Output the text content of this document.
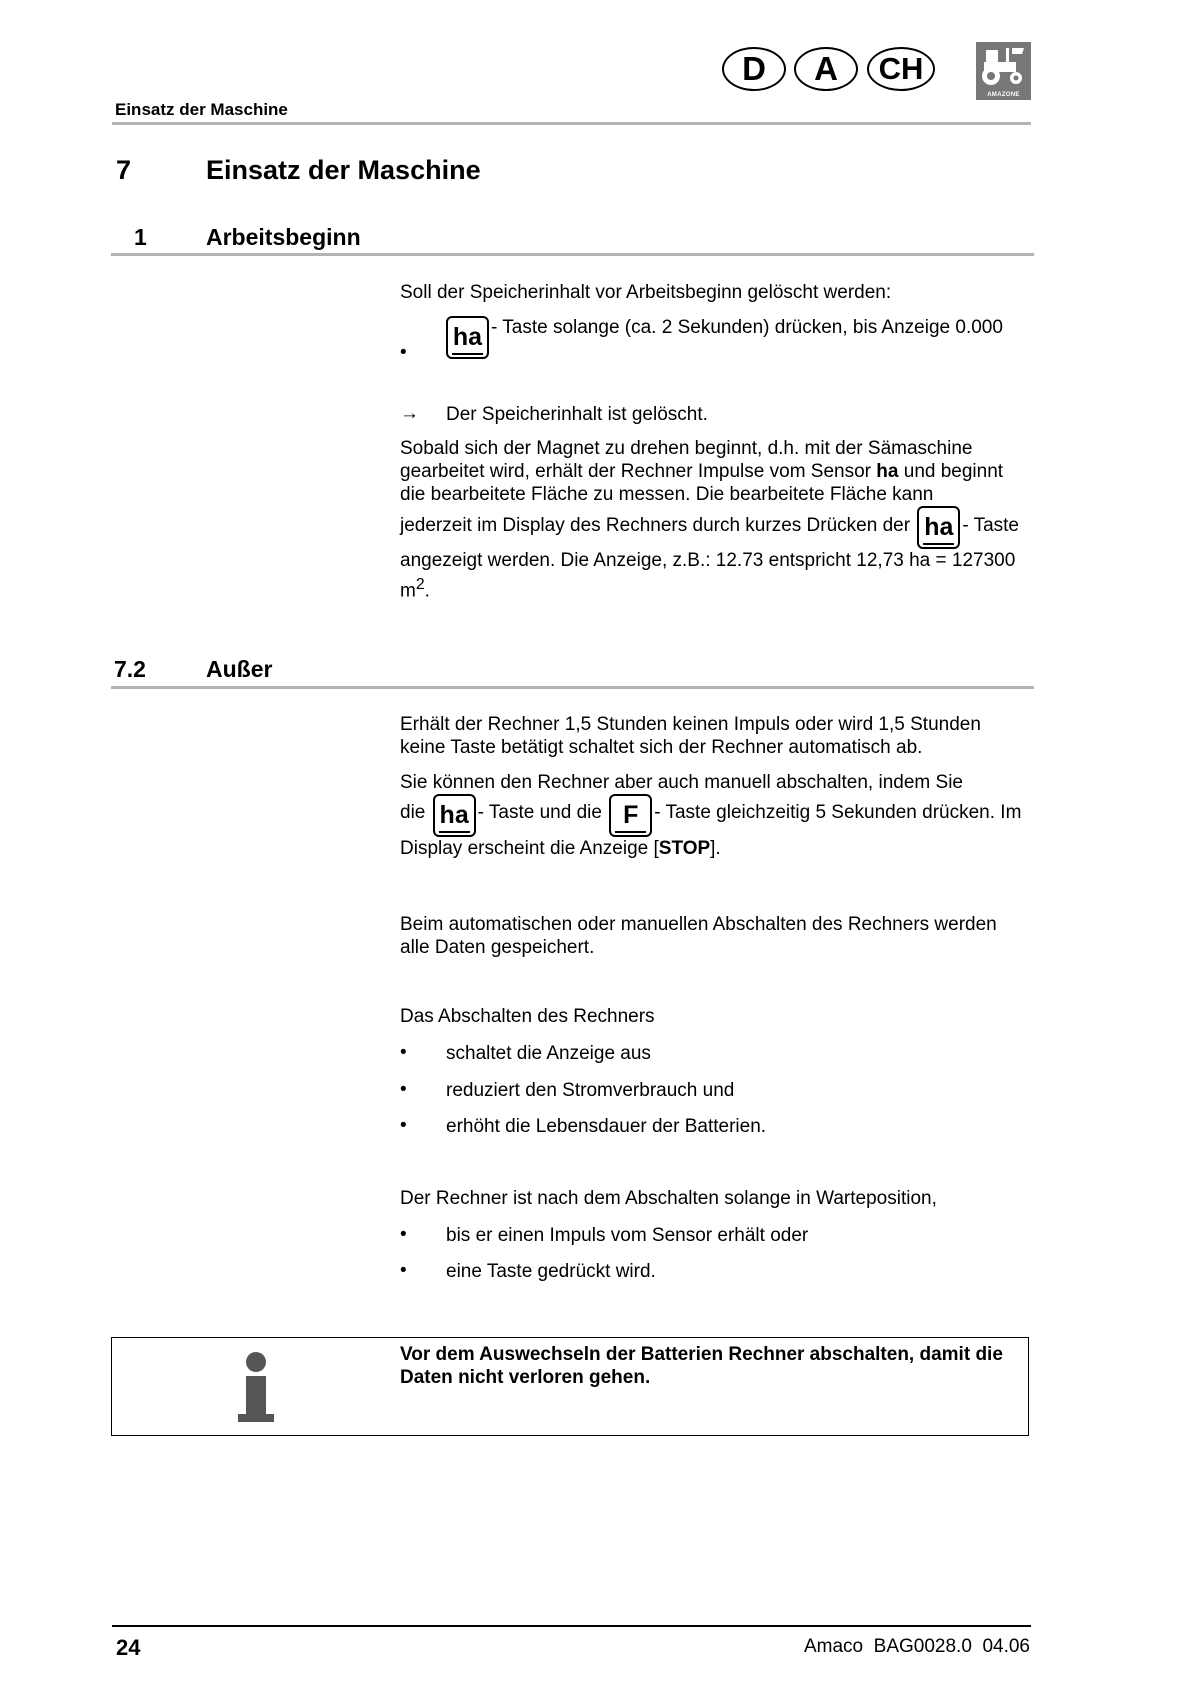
Einsatz der Maschine
D	A	CH
AMAZONE
7	Einsatz der Maschine
1	Arbeitsbeginn
Soll der Speicherinhalt vor Arbeitsbeginn gelöscht werden:
•
ha - Taste solange (ca. 2 Sekunden) drücken, bis Anzeige 0.000
→ Der Speicherinhalt ist gelöscht.
Sobald sich der Magnet zu drehen beginnt, d.h. mit der Sämaschine gearbeitet wird, erhält der Rechner Impulse vom Sensor ha und beginnt die bearbeitete Fläche zu messen. Die bearbeitete Fläche kann
jederzeit im Display des Rechners durch kurzes Drücken der ha - Taste angezeigt werden. Die Anzeige, z.B.: 12.73 entspricht 12,73 ha = 127300 $m^2$.
7.2	Außer
Erhält der Rechner 1,5 Stunden keinen Impuls oder wird 1,5 Stunden keine Taste betätigt schaltet sich der Rechner automatisch ab.
Sie können den Rechner aber auch manuell abschalten, indem Sie
die ha - Taste und die F - Taste gleichzeitig 5 Sekunden drücken. Im Display erscheint die Anzeige [STOP].
Beim automatischen oder manuellen Abschalten des Rechners werden alle Daten gespeichert.
Das Abschalten des Rechners
• schaltet die Anzeige aus
• reduziert den Stromverbrauch und
• erhöht die Lebensdauer der Batterien.
Der Rechner ist nach dem Abschalten solange in Warteposition,
• bis er einen Impuls vom Sensor erhält oder
• eine Taste gedrückt wird.
Vor dem Auswechseln der Batterien Rechner abschalten, damit die Daten nicht verloren gehen.
24	Amaco  BAG0028.0  04.06
